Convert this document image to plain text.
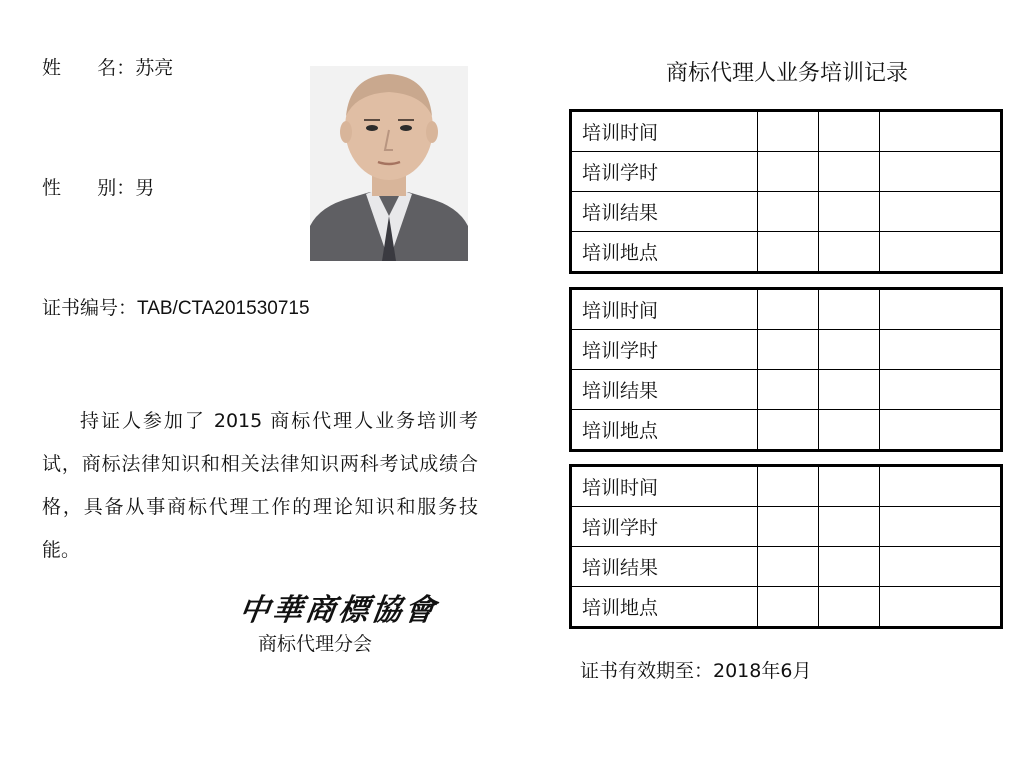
姓      名：苏亮
性      别：男
证书编号：TAB/CTA201530715
持证人参加了 2015 商标代理人业务培训考试，商标法律知识和相关法律知识两科考试成绩合格，具备从事商标代理工作的理论知识和服务技能。
中華商標協會
商标代理分会
商标代理人业务培训记录
培训时间			
培训学时			
培训结果			
培训地点			
培训时间			
培训学时			
培训结果			
培训地点			
培训时间			
培训学时			
培训结果			
培训地点			
证书有效期至：2018年6月
